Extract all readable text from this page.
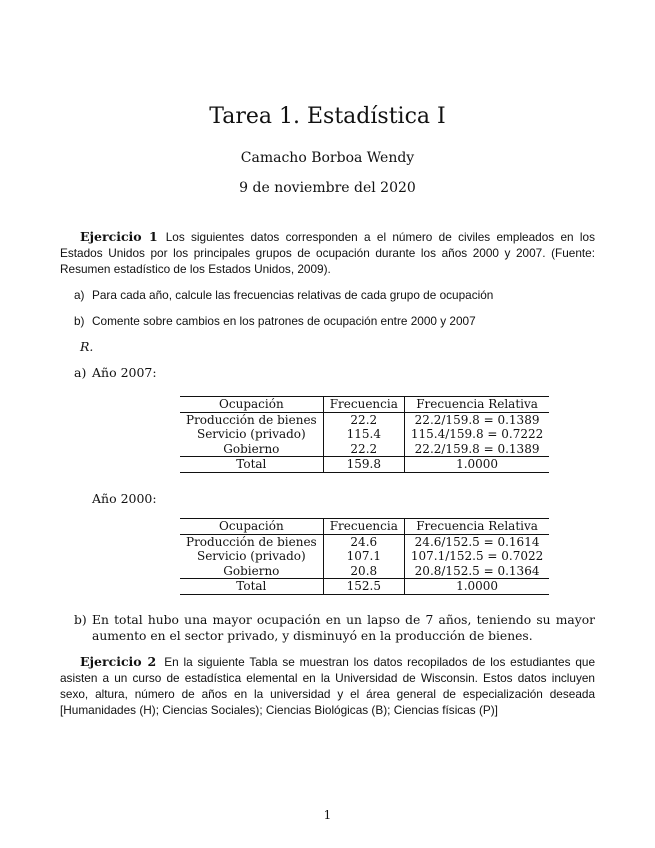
Tarea 1. Estadística I
Camacho Borboa Wendy
9 de noviembre del 2020
Ejercicio 1 Los siguientes datos corresponden a el número de civiles empleados en los Estados Unidos por los principales grupos de ocupación durante los años 2000 y 2007. (Fuente: Resumen estadístico de los Estados Unidos, 2009).
a) Para cada año, calcule las frecuencias relativas de cada grupo de ocupación
b) Comente sobre cambios en los patrones de ocupación entre 2000 y 2007
R.
a) Año 2007:
Ocupación	Frecuencia	Frecuencia Relativa
Producción de bienes	22.2	22.2/159.8 = 0.1389
Servicio (privado)	115.4	115.4/159.8 = 0.7222
Gobierno	22.2	22.2/159.8 = 0.1389
Total	159.8	1.0000
Año 2000:
Ocupación	Frecuencia	Frecuencia Relativa
Producción de bienes	24.6	24.6/152.5 = 0.1614
Servicio (privado)	107.1	107.1/152.5 = 0.7022
Gobierno	20.8	20.8/152.5 = 0.1364
Total	152.5	1.0000
b) En total hubo una mayor ocupación en un lapso de 7 años, teniendo su mayor aumento en el sector privado, y disminuyó en la producción de bienes.
Ejercicio 2 En la siguiente Tabla se muestran los datos recopilados de los estudiantes que asisten a un curso de estadística elemental en la Universidad de Wisconsin. Estos datos incluyen sexo, altura, número de años en la universidad y el área general de especialización deseada [Humanidades (H); Ciencias Sociales); Ciencias Biológicas (B); Ciencias físicas (P)]
1
